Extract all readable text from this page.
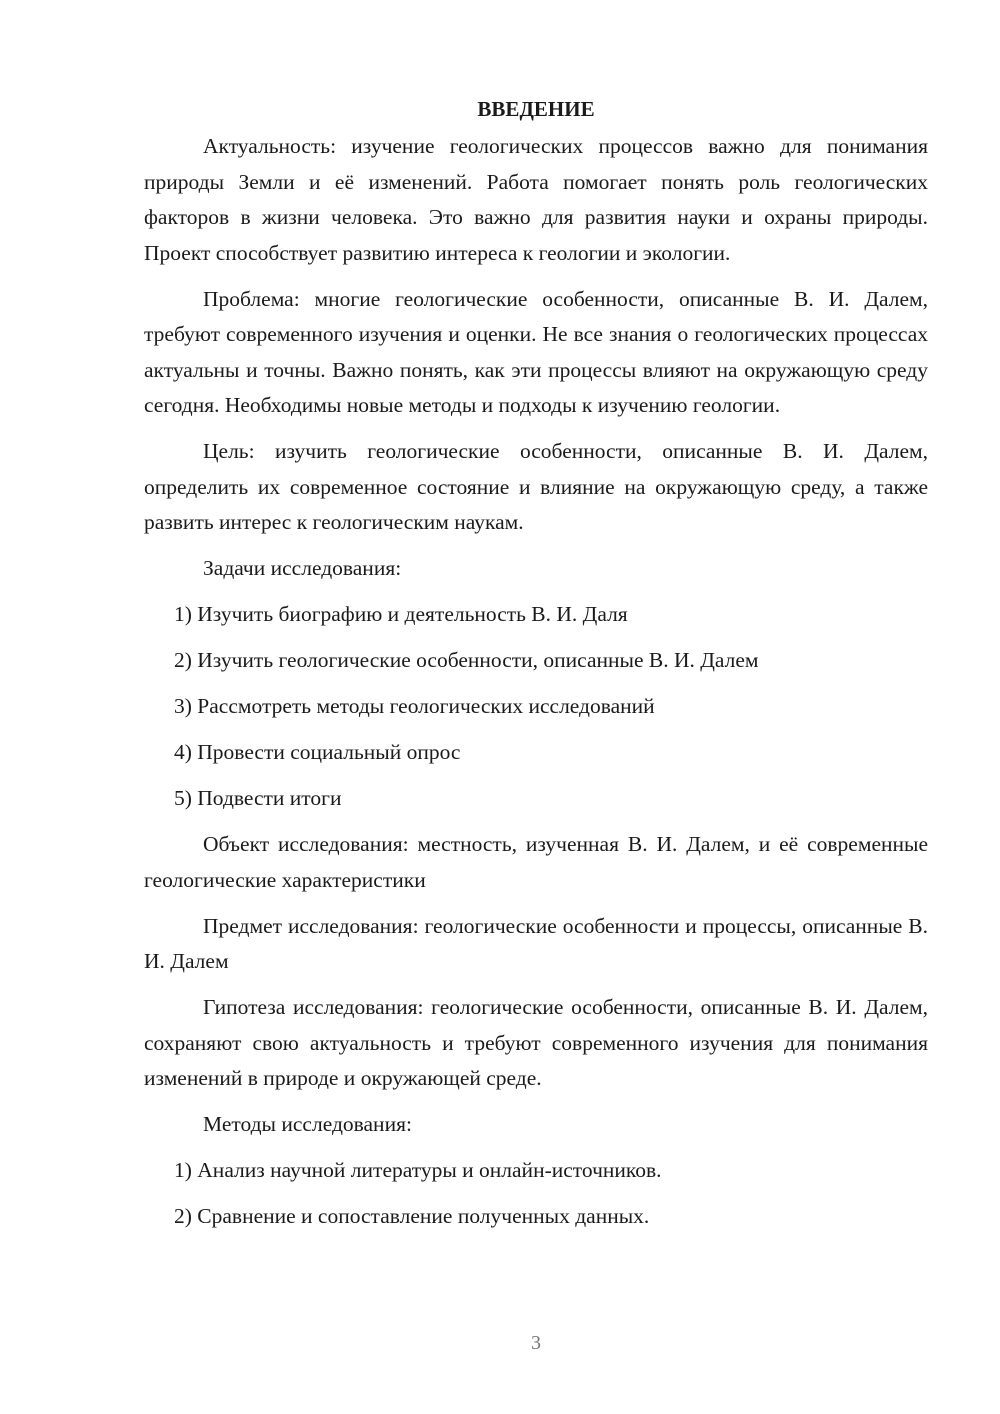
ВВЕДЕНИЕ

Актуальность: изучение геологических процессов важно для понимания природы Земли и её изменений. Работа помогает понять роль геологических факторов в жизни человека. Это важно для развития науки и охраны природы. Проект способствует развитию интереса к геологии и экологии.

Проблема: многие геологические особенности, описанные В. И. Далем, требуют современного изучения и оценки. Не все знания о геологических процессах актуальны и точны. Важно понять, как эти процессы влияют на окружающую среду сегодня. Необходимы новые методы и подходы к изучению геологии.

Цель: изучить геологические особенности, описанные В. И. Далем, определить их современное состояние и влияние на окружающую среду, а также развить интерес к геологическим наукам.

Задачи исследования:
1) Изучить биографию и деятельность В. И. Даля
2) Изучить геологические особенности, описанные В. И. Далем
3) Рассмотреть методы геологических исследований
4) Провести социальный опрос
5) Подвести итоги

Объект исследования: местность, изученная В. И. Далем, и её современные геологические характеристики

Предмет исследования: геологические особенности и процессы, описанные В. И. Далем

Гипотеза исследования: геологические особенности, описанные В. И. Далем, сохраняют свою актуальность и требуют современного изучения для понимания изменений в природе и окружающей среде.

Методы исследования:
1) Анализ научной литературы и онлайн-источников.
2) Сравнение и сопоставление полученных данных.
3
